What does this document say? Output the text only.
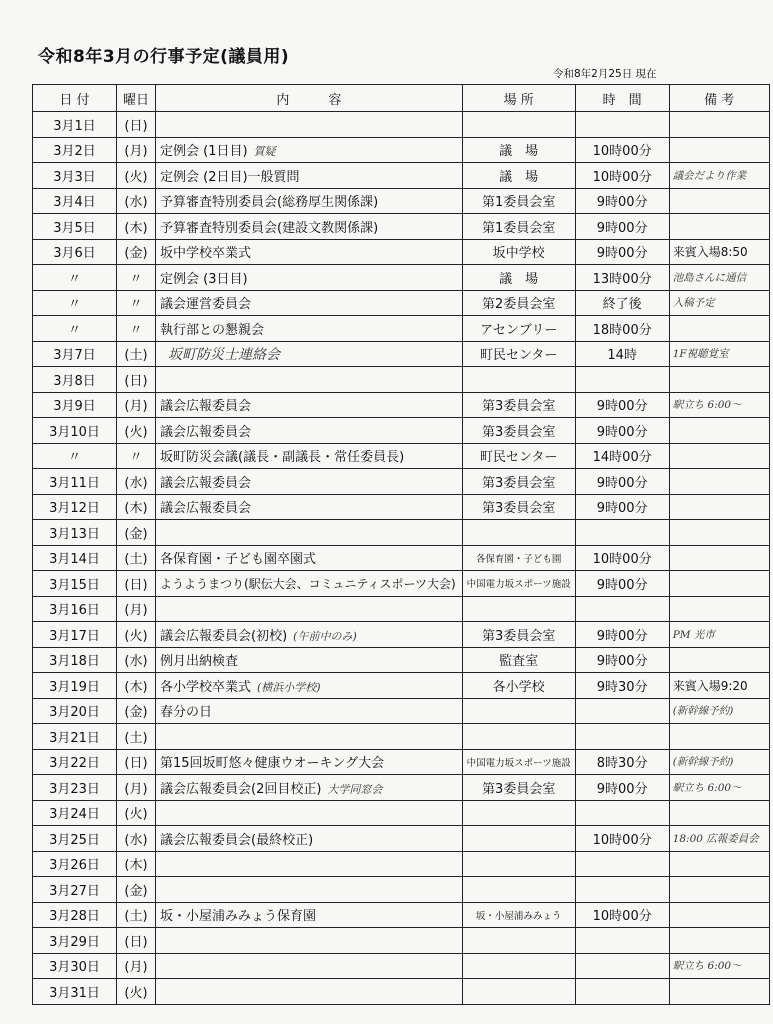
令和8年3月の行事予定(議員用)
令和8年2月25日 現在
日 付	曜日	内　　　容	場 所	時　間	備 考
3月1日	(日)				
3月2日	(月)	定例会 (1日目) 質疑	議　場	10時00分	
3月3日	(火)	定例会 (2日目)一般質問	議　場	10時00分	議会だより作業
3月4日	(水)	予算審査特別委員会(総務厚生関係課)	第1委員会室	9時00分	
3月5日	(木)	予算審査特別委員会(建設文教関係課)	第1委員会室	9時00分	
3月6日	(金)	坂中学校卒業式	坂中学校	9時00分	来賓入場8:50
〃	〃	定例会 (3日目)	議　場	13時00分	池島さんに通信
〃	〃	議会運営委員会	第2委員会室	終了後	入稿予定
〃	〃	執行部との懇親会	アセンブリー	18時00分	
3月7日	(土)	坂町防災士連絡会	町民センター	14時	1F視聴覚室
3月8日	(日)				
3月9日	(月)	議会広報委員会	第3委員会室	9時00分	駅立ち 6:00〜
3月10日	(火)	議会広報委員会	第3委員会室	9時00分	
〃	〃	坂町防災会議(議長・副議長・常任委員長)	町民センター	14時00分	
3月11日	(水)	議会広報委員会	第3委員会室	9時00分	
3月12日	(木)	議会広報委員会	第3委員会室	9時00分	
3月13日	(金)				
3月14日	(土)	各保育園・子ども園卒園式	各保育園・子ども園	10時00分	
3月15日	(日)	ようようまつり(駅伝大会、コミュニティスポーツ大会)	中国電力坂スポーツ施設	9時00分	
3月16日	(月)				
3月17日	(火)	議会広報委員会(初校) (午前中のみ)	第3委員会室	9時00分	PM 光市
3月18日	(水)	例月出納検査	監査室	9時00分	
3月19日	(木)	各小学校卒業式 (横浜小学校)	各小学校	9時30分	来賓入場9:20
3月20日	(金)	春分の日			(新幹線予約)
3月21日	(土)				
3月22日	(日)	第15回坂町悠々健康ウオーキング大会	中国電力坂スポーツ施設	8時30分	(新幹線予約)
3月23日	(月)	議会広報委員会(2回目校正) 大学同窓会	第3委員会室	9時00分	駅立ち 6:00〜
3月24日	(火)				
3月25日	(水)	議会広報委員会(最終校正)		10時00分	18:00 広報委員会
3月26日	(木)				
3月27日	(金)				
3月28日	(土)	坂・小屋浦みみょう保育園	坂・小屋浦みみょう	10時00分	
3月29日	(日)				
3月30日	(月)				駅立ち 6:00〜
3月31日	(火)				
